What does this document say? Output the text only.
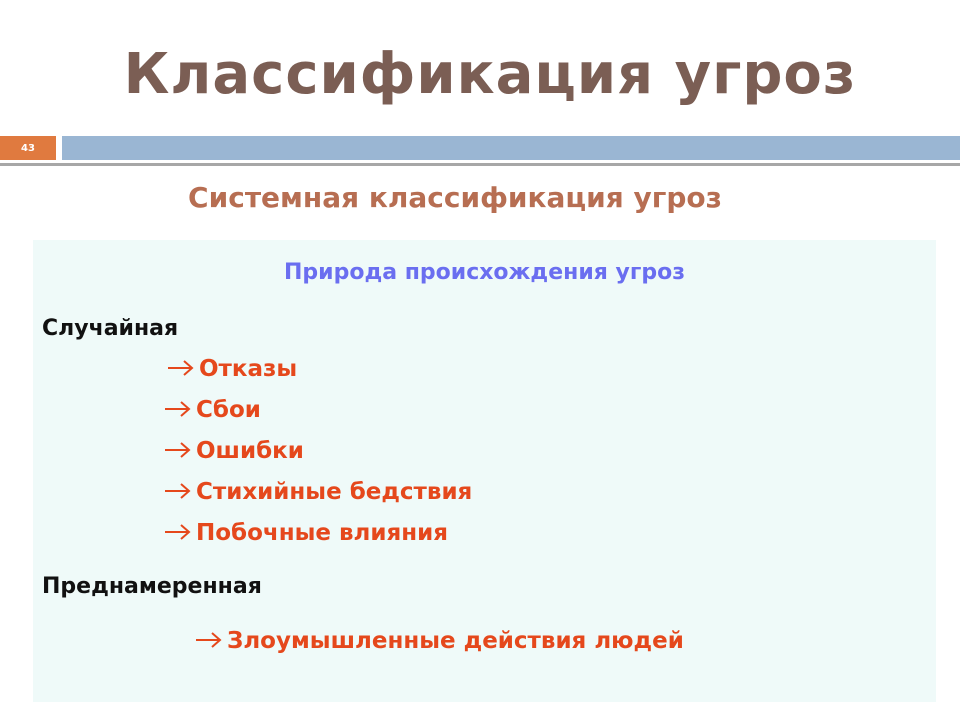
Классификация угроз
43
Системная классификация угроз
Природа происхождения угроз
Случайная
Отказы
Сбои
Ошибки
Стихийные бедствия
Побочные влияния
Преднамеренная
Злоумышленные действия людей
